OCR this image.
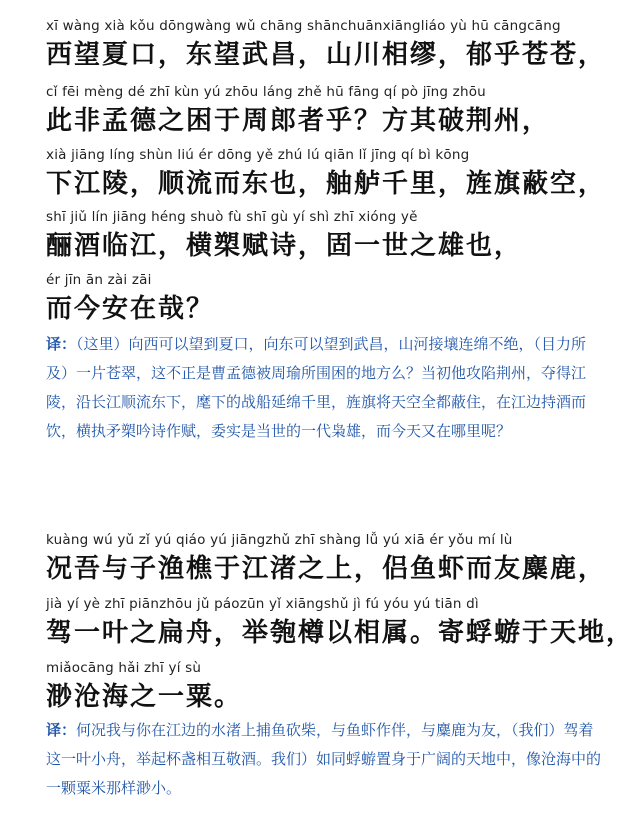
xī wàng xià kǒu dōngwàng wǔ chāng shānchuānxiāngliáo yù hū cāngcāng
西望夏口，东望武昌，山川相缪，郁乎苍苍，
cǐ fēi mèng dé zhī kùn yú zhōu láng zhě hū fāng qí pò jīng zhōu
此非孟德之困于周郎者乎？方其破荆州，
xià jiāng líng shùn liú ér dōng yě zhú lú qiān lǐ jīng qí bì kōng
下江陵，顺流而东也，舳舻千里，旌旗蔽空，
shī jiǔ lín jiāng héng shuò fù shī gù yí shì zhī xióng yě
酾酒临江，横槊赋诗，固一世之雄也，
ér jīn ān zài zāi
而今安在哉？
译：（这里）向西可以望到夏口，向东可以望到武昌，山河接壤连绵不绝，（目力所及）一片苍翠，这不正是曹孟德被周瑜所围困的地方么？当初他攻陷荆州，夺得江陵，沿长江顺流东下，麾下的战船延绵千里，旌旗将天空全都蔽住，在江边持酒而饮，横执矛槊吟诗作赋，委实是当世的一代枭雄，而今天又在哪里呢？
kuàng wú yǔ zǐ yú qiáo yú jiāngzhǔ zhī shàng lǚ yú xiā ér yǒu mí lù
况吾与子渔樵于江渚之上，侣鱼虾而友麋鹿，
jià yí yè zhī piānzhōu jǔ páozūn yǐ xiāngshǔ jì fú yóu yú tiān dì
驾一叶之扁舟，举匏樽以相属。寄蜉蝣于天地，
miǎocāng hǎi zhī yí sù
渺沧海之一粟。
译：何况我与你在江边的水渚上捕鱼砍柴，与鱼虾作伴，与麋鹿为友，（我们）驾着这一叶小舟，举起杯盏相互敬酒。我们）如同蜉蝣置身于广阔的天地中，像沧海中的一颗粟米那样渺小。
